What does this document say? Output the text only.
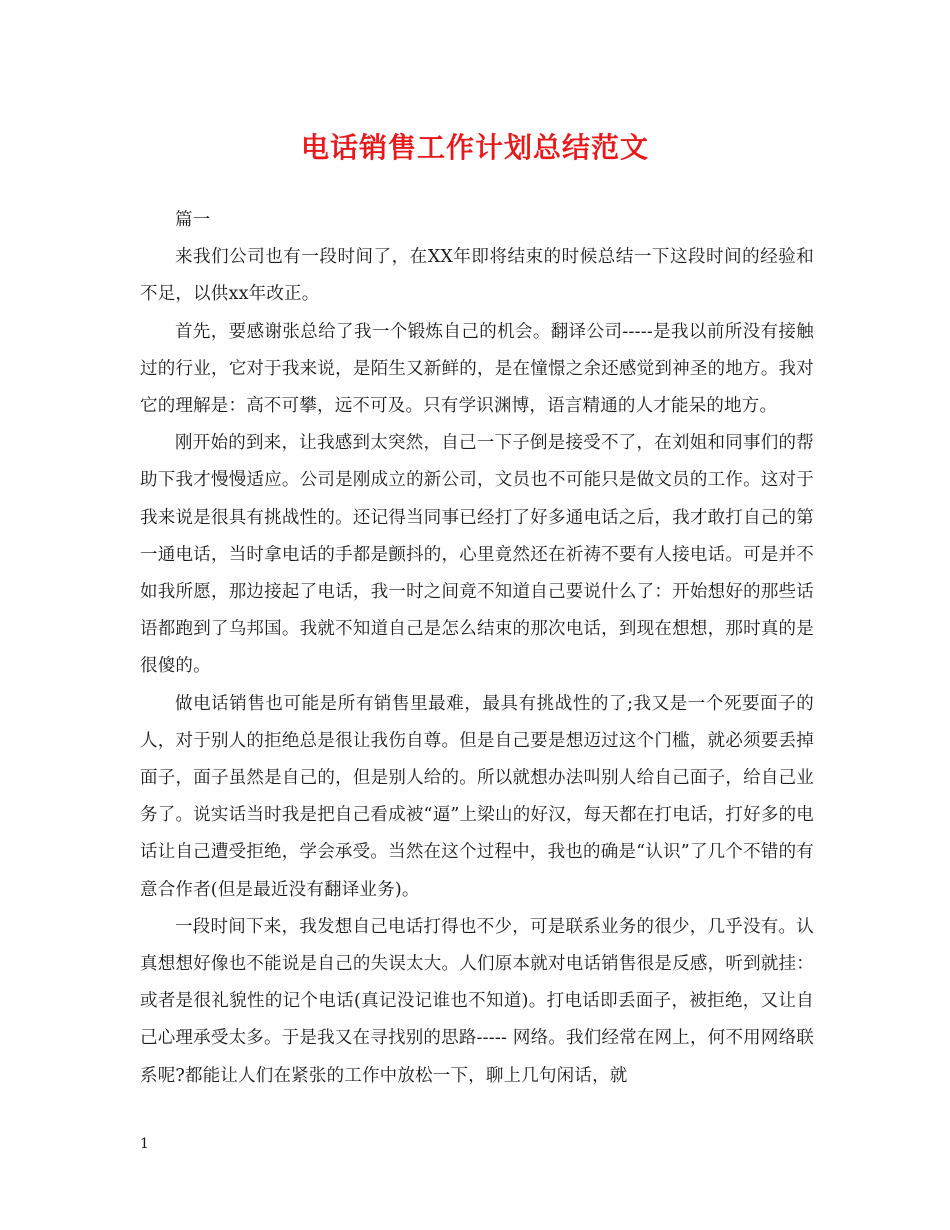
电话销售工作计划总结范文

篇一

来我们公司也有一段时间了，在XX年即将结束的时候总结一下这段时间的经验和不足，以供xx年改正。

首先，要感谢张总给了我一个锻炼自己的机会。翻译公司-----是我以前所没有接触过的行业，它对于我来说，是陌生又新鲜的，是在憧憬之余还感觉到神圣的地方。我对它的理解是：高不可攀，远不可及。只有学识渊博，语言精通的人才能呆的地方。

刚开始的到来，让我感到太突然，自己一下子倒是接受不了，在刘姐和同事们的帮助下我才慢慢适应。公司是刚成立的新公司，文员也不可能只是做文员的工作。这对于我来说是很具有挑战性的。还记得当同事已经打了好多通电话之后，我才敢打自己的第一通电话，当时拿电话的手都是颤抖的，心里竟然还在祈祷不要有人接电话。可是并不如我所愿，那边接起了电话，我一时之间竟不知道自己要说什么了：开始想好的那些话语都跑到了乌邦国。我就不知道自己是怎么结束的那次电话，到现在想想，那时真的是很傻的。

做电话销售也可能是所有销售里最难，最具有挑战性的了;我又是一个死要面子的人，对于别人的拒绝总是很让我伤自尊。但是自己要是想迈过这个门槛，就必须要丢掉面子，面子虽然是自己的，但是别人给的。所以就想办法叫别人给自己面子，给自己业务了。说实话当时我是把自己看成被“逼”上梁山的好汉，每天都在打电话，打好多的电话让自己遭受拒绝，学会承受。当然在这个过程中，我也的确是“认识”了几个不错的有意合作者(但是最近没有翻译业务)。

一段时间下来，我发想自己电话打得也不少，可是联系业务的很少，几乎没有。认真想想好像也不能说是自己的失误太大。人们原本就对电话销售很是反感，听到就挂：或者是很礼貌性的记个电话(真记没记谁也不知道)。打电话即丢面子，被拒绝，又让自己心理承受太多。于是我又在寻找别的思路----- 网络。我们经常在网上，何不用网络联系呢?都能让人们在紧张的工作中放松一下，聊上几句闲话，就

1
